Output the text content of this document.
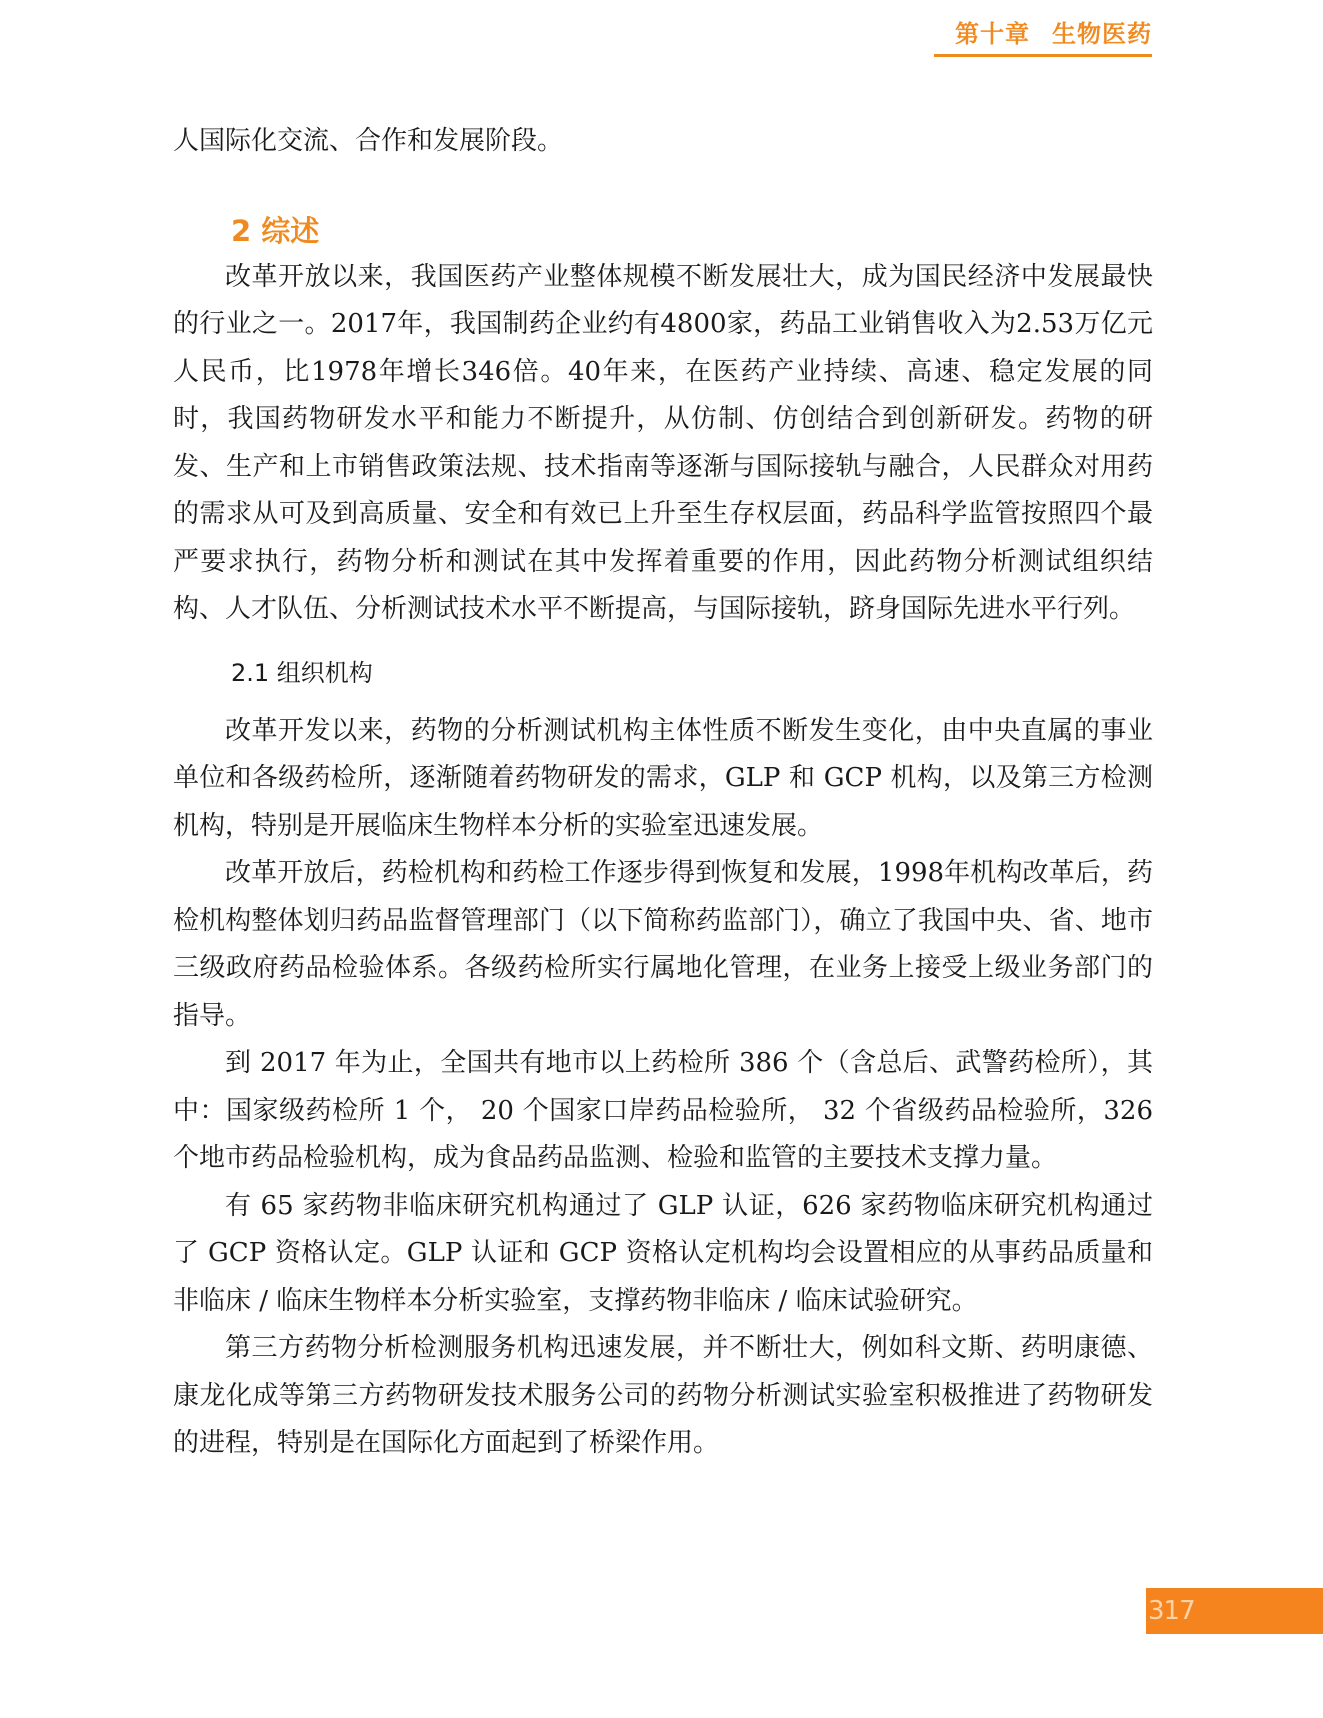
第十章 生物医药

人国际化交流、合作和发展阶段。

2 综述

改革开放以来，我国医药产业整体规模不断发展壮大，成为国民经济中发展最快的行业之一。2017年，我国制药企业约有4800家，药品工业销售收入为2.53万亿元人民币，比1978年增长346倍。40年来，在医药产业持续、高速、稳定发展的同时，我国药物研发水平和能力不断提升，从仿制、仿创结合到创新研发。药物的研发、生产和上市销售政策法规、技术指南等逐渐与国际接轨与融合，人民群众对用药的需求从可及到高质量、安全和有效已上升至生存权层面，药品科学监管按照四个最严要求执行，药物分析和测试在其中发挥着重要的作用，因此药物分析测试组织结构、人才队伍、分析测试技术水平不断提高，与国际接轨，跻身国际先进水平行列。

2.1 组织机构

改革开发以来，药物的分析测试机构主体性质不断发生变化，由中央直属的事业单位和各级药检所，逐渐随着药物研发的需求，GLP 和 GCP 机构，以及第三方检测机构，特别是开展临床生物样本分析的实验室迅速发展。

改革开放后，药检机构和药检工作逐步得到恢复和发展，1998年机构改革后，药检机构整体划归药品监督管理部门（以下简称药监部门），确立了我国中央、省、地市三级政府药品检验体系。各级药检所实行属地化管理，在业务上接受上级业务部门的指导。

到 2017 年为止，全国共有地市以上药检所 386 个（含总后、武警药检所），其中：国家级药检所 1 个， 20 个国家口岸药品检验所， 32 个省级药品检验所，326 个地市药品检验机构，成为食品药品监测、检验和监管的主要技术支撑力量。

有 65 家药物非临床研究机构通过了 GLP 认证，626 家药物临床研究机构通过了 GCP 资格认定。GLP 认证和 GCP 资格认定机构均会设置相应的从事药品质量和非临床 / 临床生物样本分析实验室，支撑药物非临床 / 临床试验研究。

第三方药物分析检测服务机构迅速发展，并不断壮大，例如科文斯、药明康德、康龙化成等第三方药物研发技术服务公司的药物分析测试实验室积极推进了药物研发的进程，特别是在国际化方面起到了桥梁作用。

317
